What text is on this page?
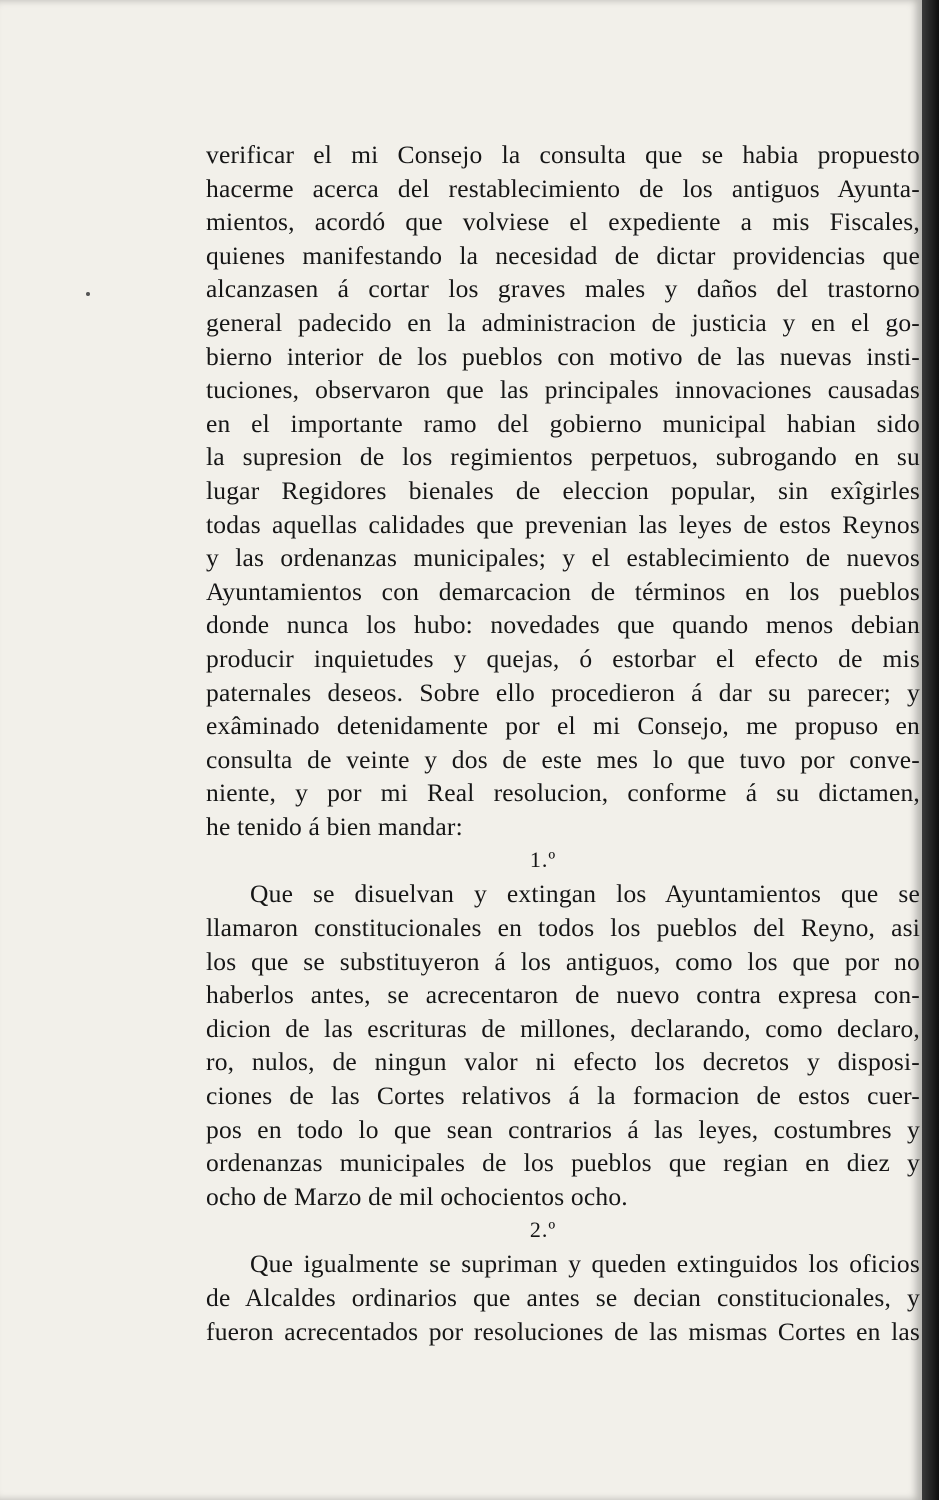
verificar el mi Consejo la consulta que se habia propuesto
hacerme acerca del restablecimiento de los antiguos Ayunta-
mientos, acordó que volviese el expediente a mis Fiscales,
quienes manifestando la necesidad de dictar providencias que
alcanzasen á cortar los graves males y daños del trastorno
general padecido en la administracion de justicia y en el go-
bierno interior de los pueblos con motivo de las nuevas insti-
tuciones, observaron que las principales innovaciones causadas
en el importante ramo del gobierno municipal habian sido
la supresion de los regimientos perpetuos, subrogando en su
lugar Regidores bienales de eleccion popular, sin exîgirles
todas aquellas calidades que prevenian las leyes de estos Reynos
y las ordenanzas municipales; y el establecimiento de nuevos
Ayuntamientos con demarcacion de términos en los pueblos
donde nunca los hubo: novedades que quando menos debian
producir inquietudes y quejas, ó estorbar el efecto de mis
paternales deseos. Sobre ello procedieron á dar su parecer; y
exâminado detenidamente por el mi Consejo, me propuso en
consulta de veinte y dos de este mes lo que tuvo por conve-
niente, y por mi Real resolucion, conforme á su dictamen,
he tenido á bien mandar:
1.º
Que se disuelvan y extingan los Ayuntamientos que se
llamaron constitucionales en todos los pueblos del Reyno, asi
los que se substituyeron á los antiguos, como los que por no
haberlos antes, se acrecentaron de nuevo contra expresa con-
dicion de las escrituras de millones, declarando, como declaro,
ro, nulos, de ningun valor ni efecto los decretos y disposi-
ciones de las Cortes relativos á la formacion de estos cuer-
pos en todo lo que sean contrarios á las leyes, costumbres y
ordenanzas municipales de los pueblos que regian en diez y
ocho de Marzo de mil ochocientos ocho.
2.º
Que igualmente se supriman y queden extinguidos los oficios
de Alcaldes ordinarios que antes se decian constitucionales, y
fueron acrecentados por resoluciones de las mismas Cortes en las
